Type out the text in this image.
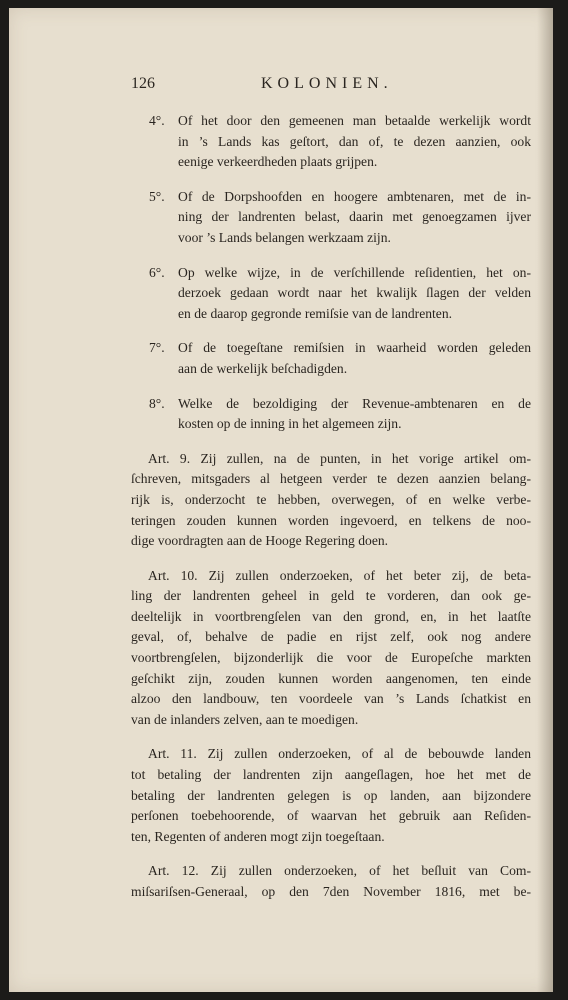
126	KOLONIEN.
4°. Of het door den gemeenen man betaalde werkelijk wordt
in ’s Lands kas geſtort, dan of, te dezen aanzien, ook
eenige verkeerdheden plaats grijpen.

5°. Of de Dorpshoofden en hoogere ambtenaren, met de in-
ning der landrenten belast, daarin met genoegzamen ijver
voor ’s Lands belangen werkzaam zijn.

6°. Op welke wijze, in de verſchillende reſidentien, het on-
derzoek gedaan wordt naar het kwalijk ſlagen der velden
en de daarop gegronde remiſsie van de landrenten.

7°. Of de toegeſtane remiſsien in waarheid worden geleden
aan de werkelijk beſchadigden.

8°. Welke de bezoldiging der Revenue-ambtenaren en de
kosten op de inning in het algemeen zijn.

Art. 9. Zij zullen, na de punten, in het vorige artikel om-
ſchreven, mitsgaders al hetgeen verder te dezen aanzien belang-
rijk is, onderzocht te hebben, overwegen, of en welke verbe-
teringen zouden kunnen worden ingevoerd, en telkens de noo-
dige voordragten aan de Hooge Regering doen.
Art. 10. Zij zullen onderzoeken, of het beter zij, de beta-
ling der landrenten geheel in geld te vorderen, dan ook ge-
deeltelijk in voortbrengſelen van den grond, en, in het laatſte
geval, of, behalve de padie en rijst zelf, ook nog andere
voortbrengſelen, bijzonderlijk die voor de Europeſche markten
geſchikt zijn, zouden kunnen worden aangenomen, ten einde
alzoo den landbouw, ten voordeele van ’s Lands ſchatkist en
van de inlanders zelven, aan te moedigen.
Art. 11. Zij zullen onderzoeken, of al de bebouwde landen
tot betaling der landrenten zijn aangeſlagen, hoe het met de
betaling der landrenten gelegen is op landen, aan bijzondere
perſonen toebehoorende, of waarvan het gebruik aan Reſiden-
ten, Regenten of anderen mogt zijn toegeſtaan.
Art. 12. Zij zullen onderzoeken, of het beſluit van Com-
miſsariſsen-Generaal, op den 7den November 1816, met be-
